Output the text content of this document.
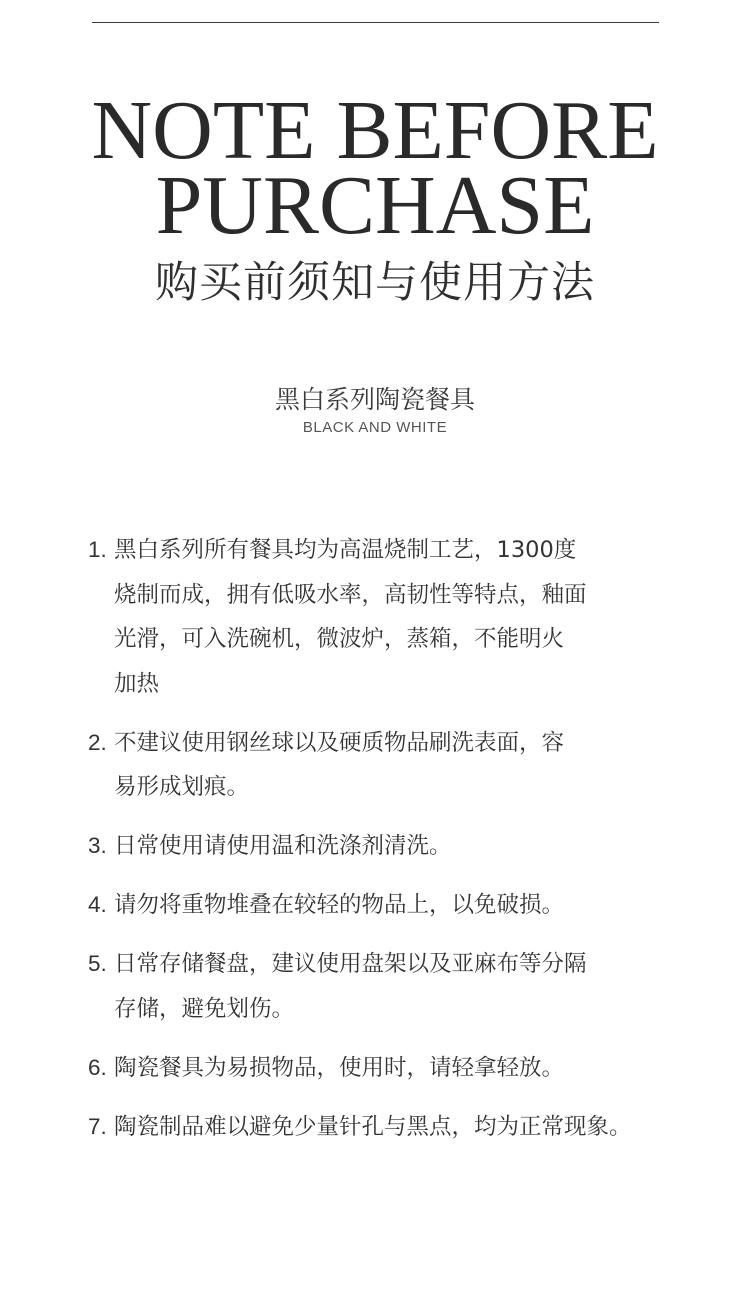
NOTE BEFORE
PURCHASE
购买前须知与使用方法
黑白系列陶瓷餐具
BLACK AND WHITE
1. 黑白系列所有餐具均为高温烧制工艺，1300度
烧制而成，拥有低吸水率，高韧性等特点，釉面
光滑，可入洗碗机，微波炉，蒸箱，不能明火
加热
2. 不建议使用钢丝球以及硬质物品刷洗表面，容
易形成划痕。
3. 日常使用请使用温和洗涤剂清洗。
4. 请勿将重物堆叠在较轻的物品上，以免破损。
5. 日常存储餐盘，建议使用盘架以及亚麻布等分隔
存储，避免划伤。
6. 陶瓷餐具为易损物品，使用时，请轻拿轻放。
7. 陶瓷制品难以避免少量针孔与黑点，均为正常现象。
